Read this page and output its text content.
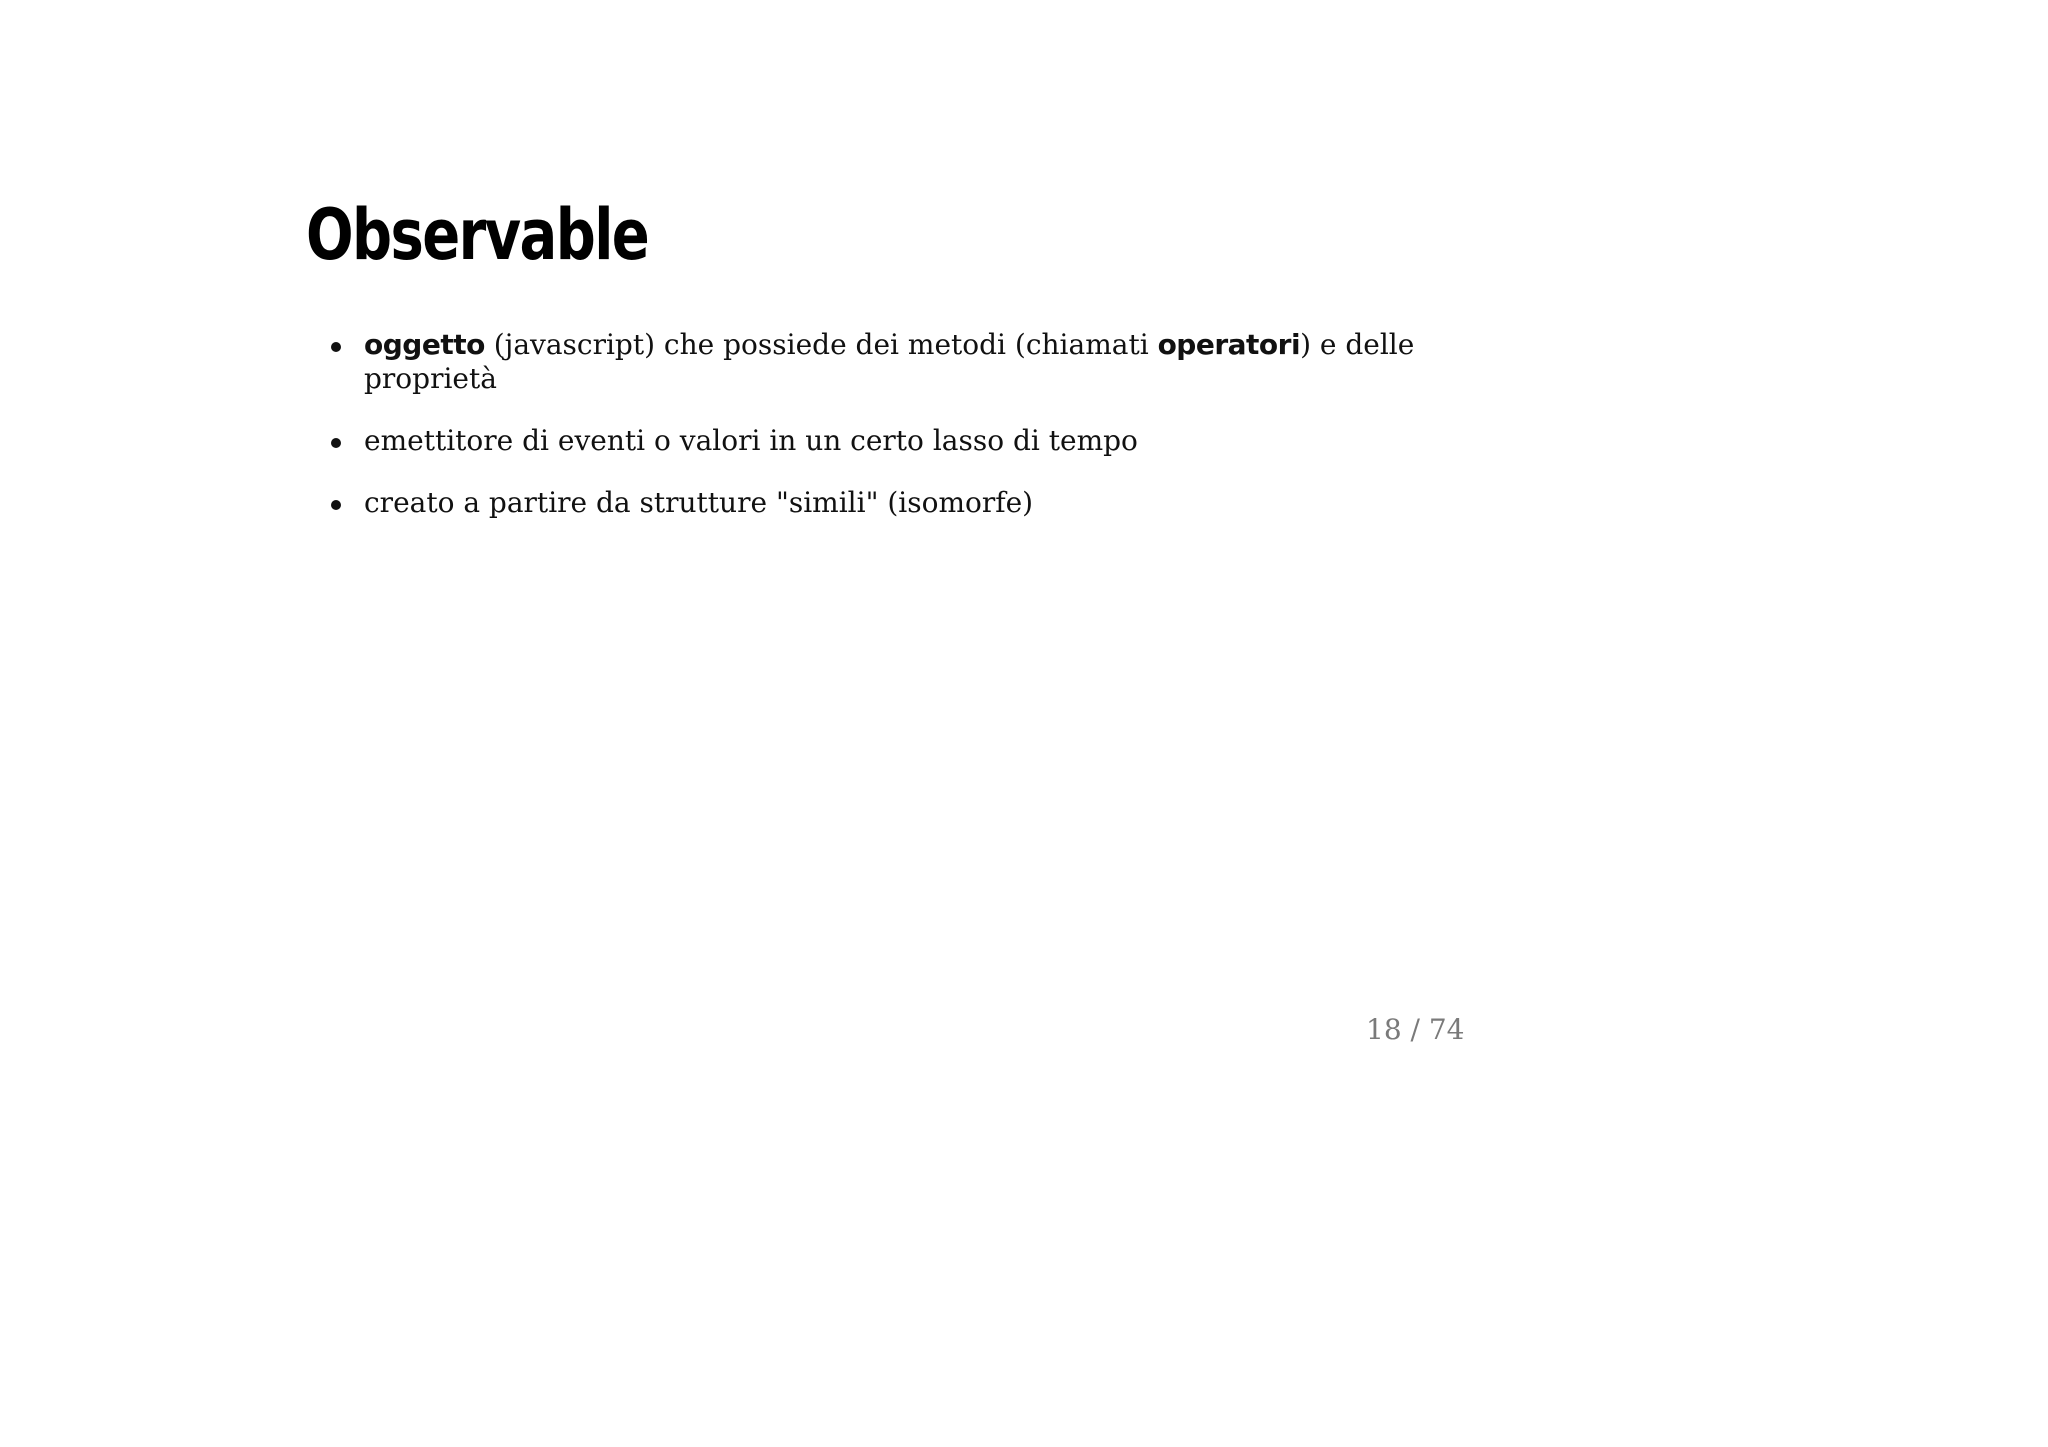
Observable
oggetto (javascript) che possiede dei metodi (chiamati operatori) e delle proprietà
emettitore di eventi o valori in un certo lasso di tempo
creato a partire da strutture "simili" (isomorfe)
18 / 74
